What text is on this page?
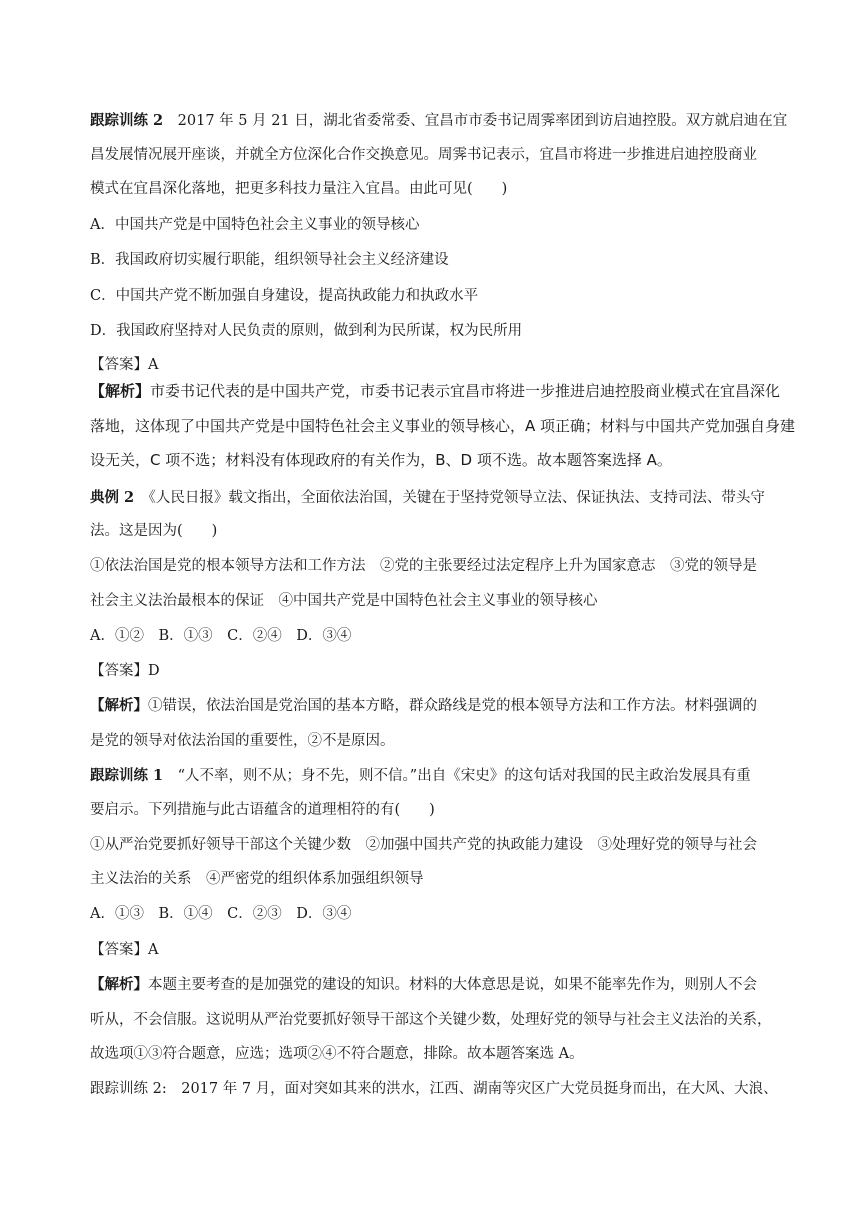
跟踪训练 2　 2017 年 5 月 21 日，湖北省委常委、宜昌市市委书记周霁率团到访启迪控股。双方就启迪在宜
昌发展情况展开座谈，并就全方位深化合作交换意见。周霁书记表示，宜昌市将进一步推进启迪控股商业
模式在宜昌深化落地，把更多科技力量注入宜昌。由此可见(　　)
A．中国共产党是中国特色社会主义事业的领导核心
B．我国政府切实履行职能，组织领导社会主义经济建设
C．中国共产党不断加强自身建设，提高执政能力和执政水平
D．我国政府坚持对人民负责的原则，做到利为民所谋，权为民所用
【答案】A
【解析】市委书记代表的是中国共产党，市委书记表示宜昌市将进一步推进启迪控股商业模式在宜昌深化
落地，这体现了中国共产党是中国特色社会主义事业的领导核心，A 项正确；材料与中国共产党加强自身建
设无关，C 项不选；材料没有体现政府的有关作为，B、D 项不选。故本题答案选择 A。
典例 2　 《人民日报》载文指出，全面依法治国，关键在于坚持党领导立法、保证执法、支持司法、带头守
法。这是因为(　　)
①依法治国是党的根本领导方法和工作方法　②党的主张要经过法定程序上升为国家意志　③党的领导是
社会主义法治最根本的保证　④中国共产党是中国特色社会主义事业的领导核心
A．①②　B．①③　C．②④　D．③④
【答案】D
【解析】①错误，依法治国是党治国的基本方略，群众路线是党的根本领导方法和工作方法。材料强调的
是党的领导对依法治国的重要性，②不是原因。
跟踪训练 1　 “人不率，则不从；身不先，则不信。”出自《宋史》的这句话对我国的民主政治发展具有重
要启示。下列措施与此古语蕴含的道理相符的有(　　)
①从严治党要抓好领导干部这个关键少数　②加强中国共产党的执政能力建设　③处理好党的领导与社会
主义法治的关系　④严密党的组织体系加强组织领导
A．①③　B．①④　C．②③　D．③④
【答案】A
【解析】本题主要考查的是加强党的建设的知识。材料的大体意思是说，如果不能率先作为，则别人不会
听从，不会信服。这说明从严治党要抓好领导干部这个关键少数，处理好党的领导与社会主义法治的关系，
故选项①③符合题意，应选；选项②④不符合题意，排除。故本题答案选 A。
跟踪训练 2:　2017 年 7 月，面对突如其来的洪水，江西、湖南等灾区广大党员挺身而出，在大风、大浪、
